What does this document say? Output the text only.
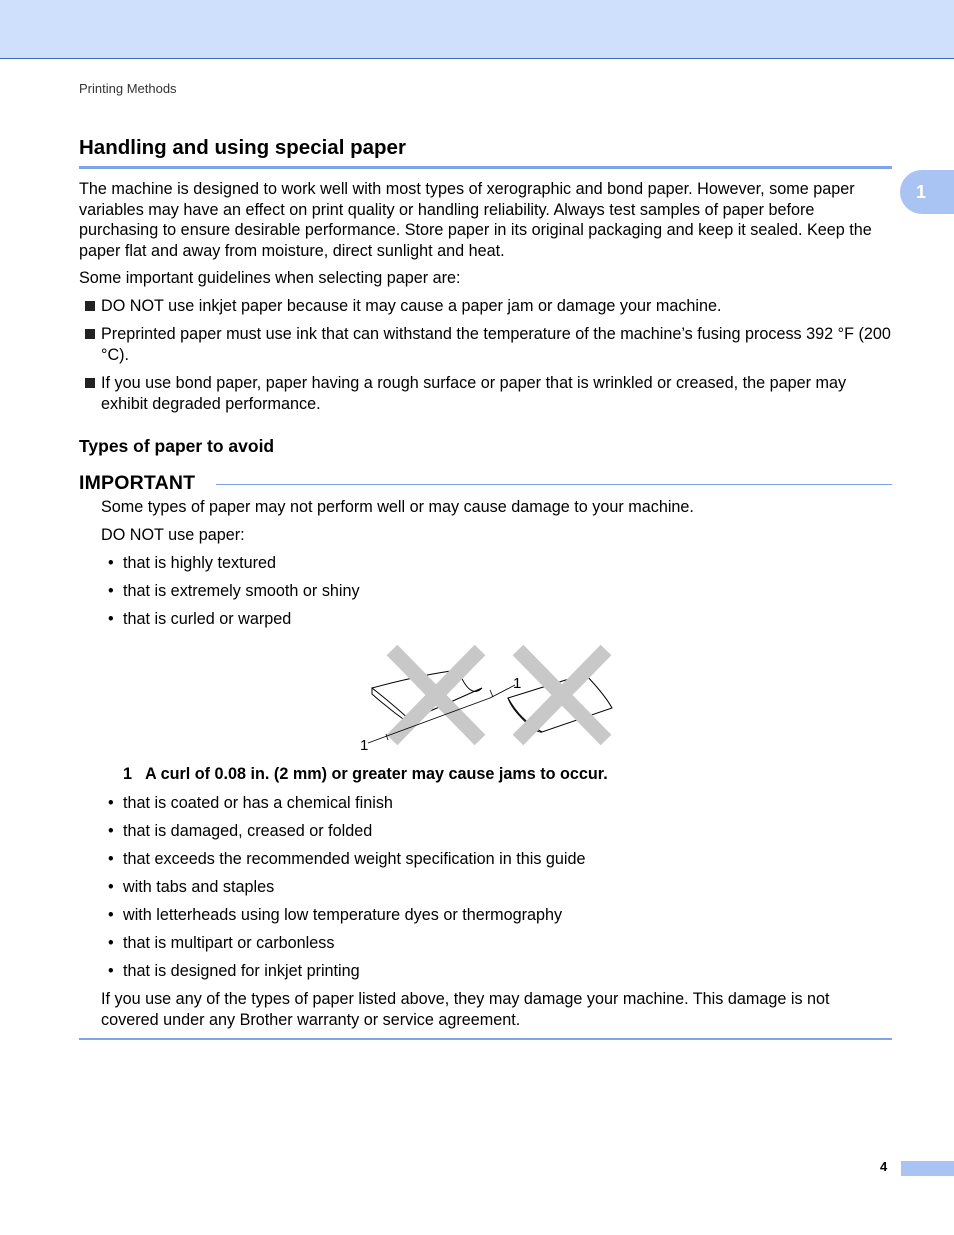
Printing Methods
1
Handling and using special paper

The machine is designed to work well with most types of xerographic and bond paper. However, some paper variables may have an effect on print quality or handling reliability. Always test samples of paper before purchasing to ensure desirable performance. Store paper in its original packaging and keep it sealed. Keep the paper flat and away from moisture, direct sunlight and heat.

Some important guidelines when selecting paper are:

DO NOT use inkjet paper because it may cause a paper jam or damage your machine.
Preprinted paper must use ink that can withstand the temperature of the machine’s fusing process 392 °F (200 °C).
If you use bond paper, paper having a rough surface or paper that is wrinkled or creased, the paper may exhibit degraded performance.
Types of paper to avoid
IMPORTANT

Some types of paper may not perform well or may cause damage to your machine.

DO NOT use paper:

• that is highly textured
• that is extremely smooth or shiny
• that is curled or warped
1
1
1 A curl of 0.08 in. (2 mm) or greater may cause jams to occur.
• that is coated or has a chemical finish
• that is damaged, creased or folded
• that exceeds the recommended weight specification in this guide
• with tabs and staples
• with letterheads using low temperature dyes or thermography
• that is multipart or carbonless
• that is designed for inkjet printing

If you use any of the types of paper listed above, they may damage your machine. This damage is not covered under any Brother warranty or service agreement.

4
